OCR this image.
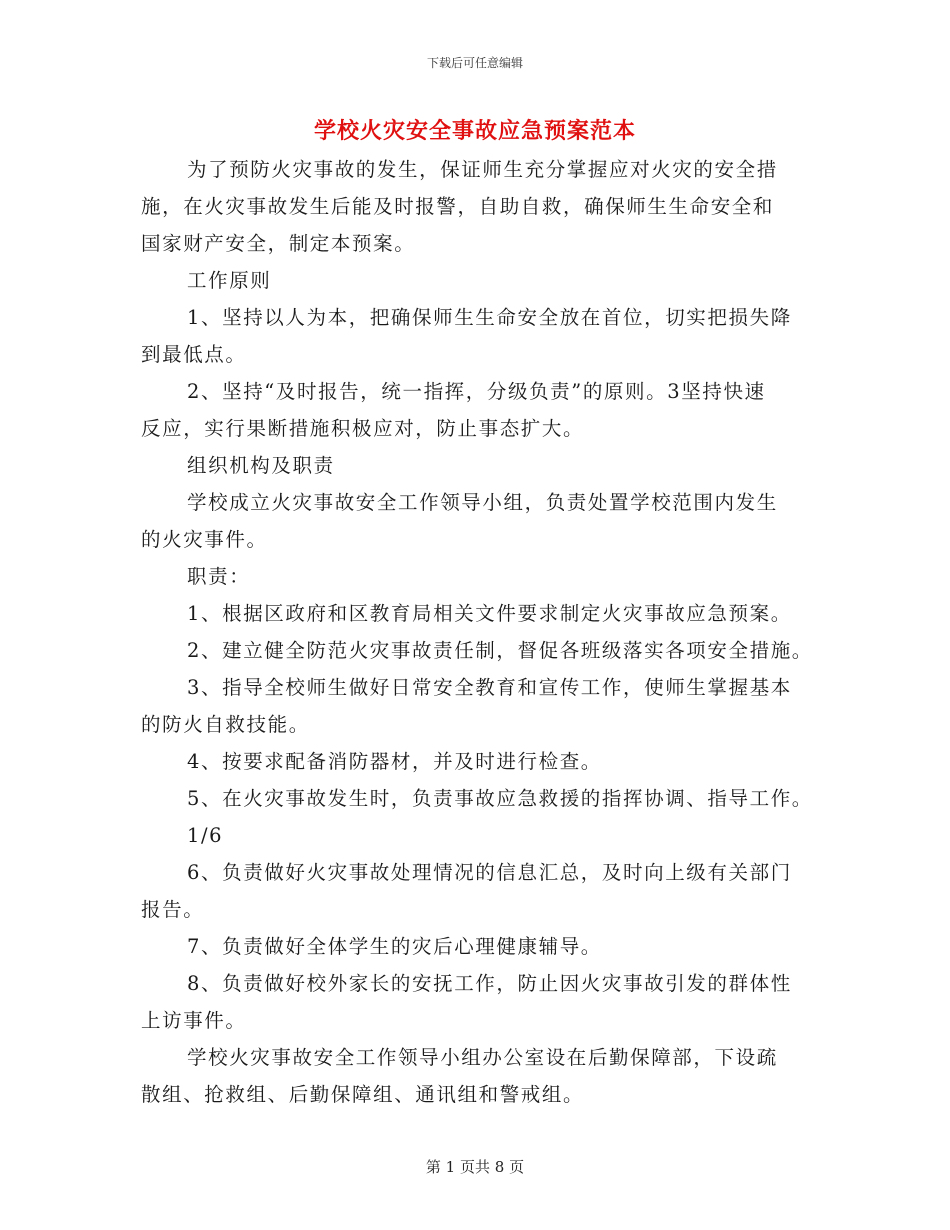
下载后可任意编辑
学校火灾安全事故应急预案范本
为了预防火灾事故的发生，保证师生充分掌握应对火灾的安全措
施，在火灾事故发生后能及时报警，自助自救，确保师生生命安全和
国家财产安全，制定本预案。
工作原则
1、坚持以人为本，把确保师生生命安全放在首位，切实把损失降
到最低点。
2、坚持“及时报告，统一指挥，分级负责”的原则。3坚持快速
反应，实行果断措施积极应对，防止事态扩大。
组织机构及职责
学校成立火灾事故安全工作领导小组，负责处置学校范围内发生
的火灾事件。
职责：
1、根据区政府和区教育局相关文件要求制定火灾事故应急预案。
2、建立健全防范火灾事故责任制，督促各班级落实各项安全措施。
3、指导全校师生做好日常安全教育和宣传工作，使师生掌握基本
的防火自救技能。
4、按要求配备消防器材，并及时进行检查。
5、在火灾事故发生时，负责事故应急救援的指挥协调、指导工作。
1/6
6、负责做好火灾事故处理情况的信息汇总，及时向上级有关部门
报告。
7、负责做好全体学生的灾后心理健康辅导。
8、负责做好校外家长的安抚工作，防止因火灾事故引发的群体性
上访事件。
学校火灾事故安全工作领导小组办公室设在后勤保障部，下设疏
散组、抢救组、后勤保障组、通讯组和警戒组。
第 1 页共 8 页
